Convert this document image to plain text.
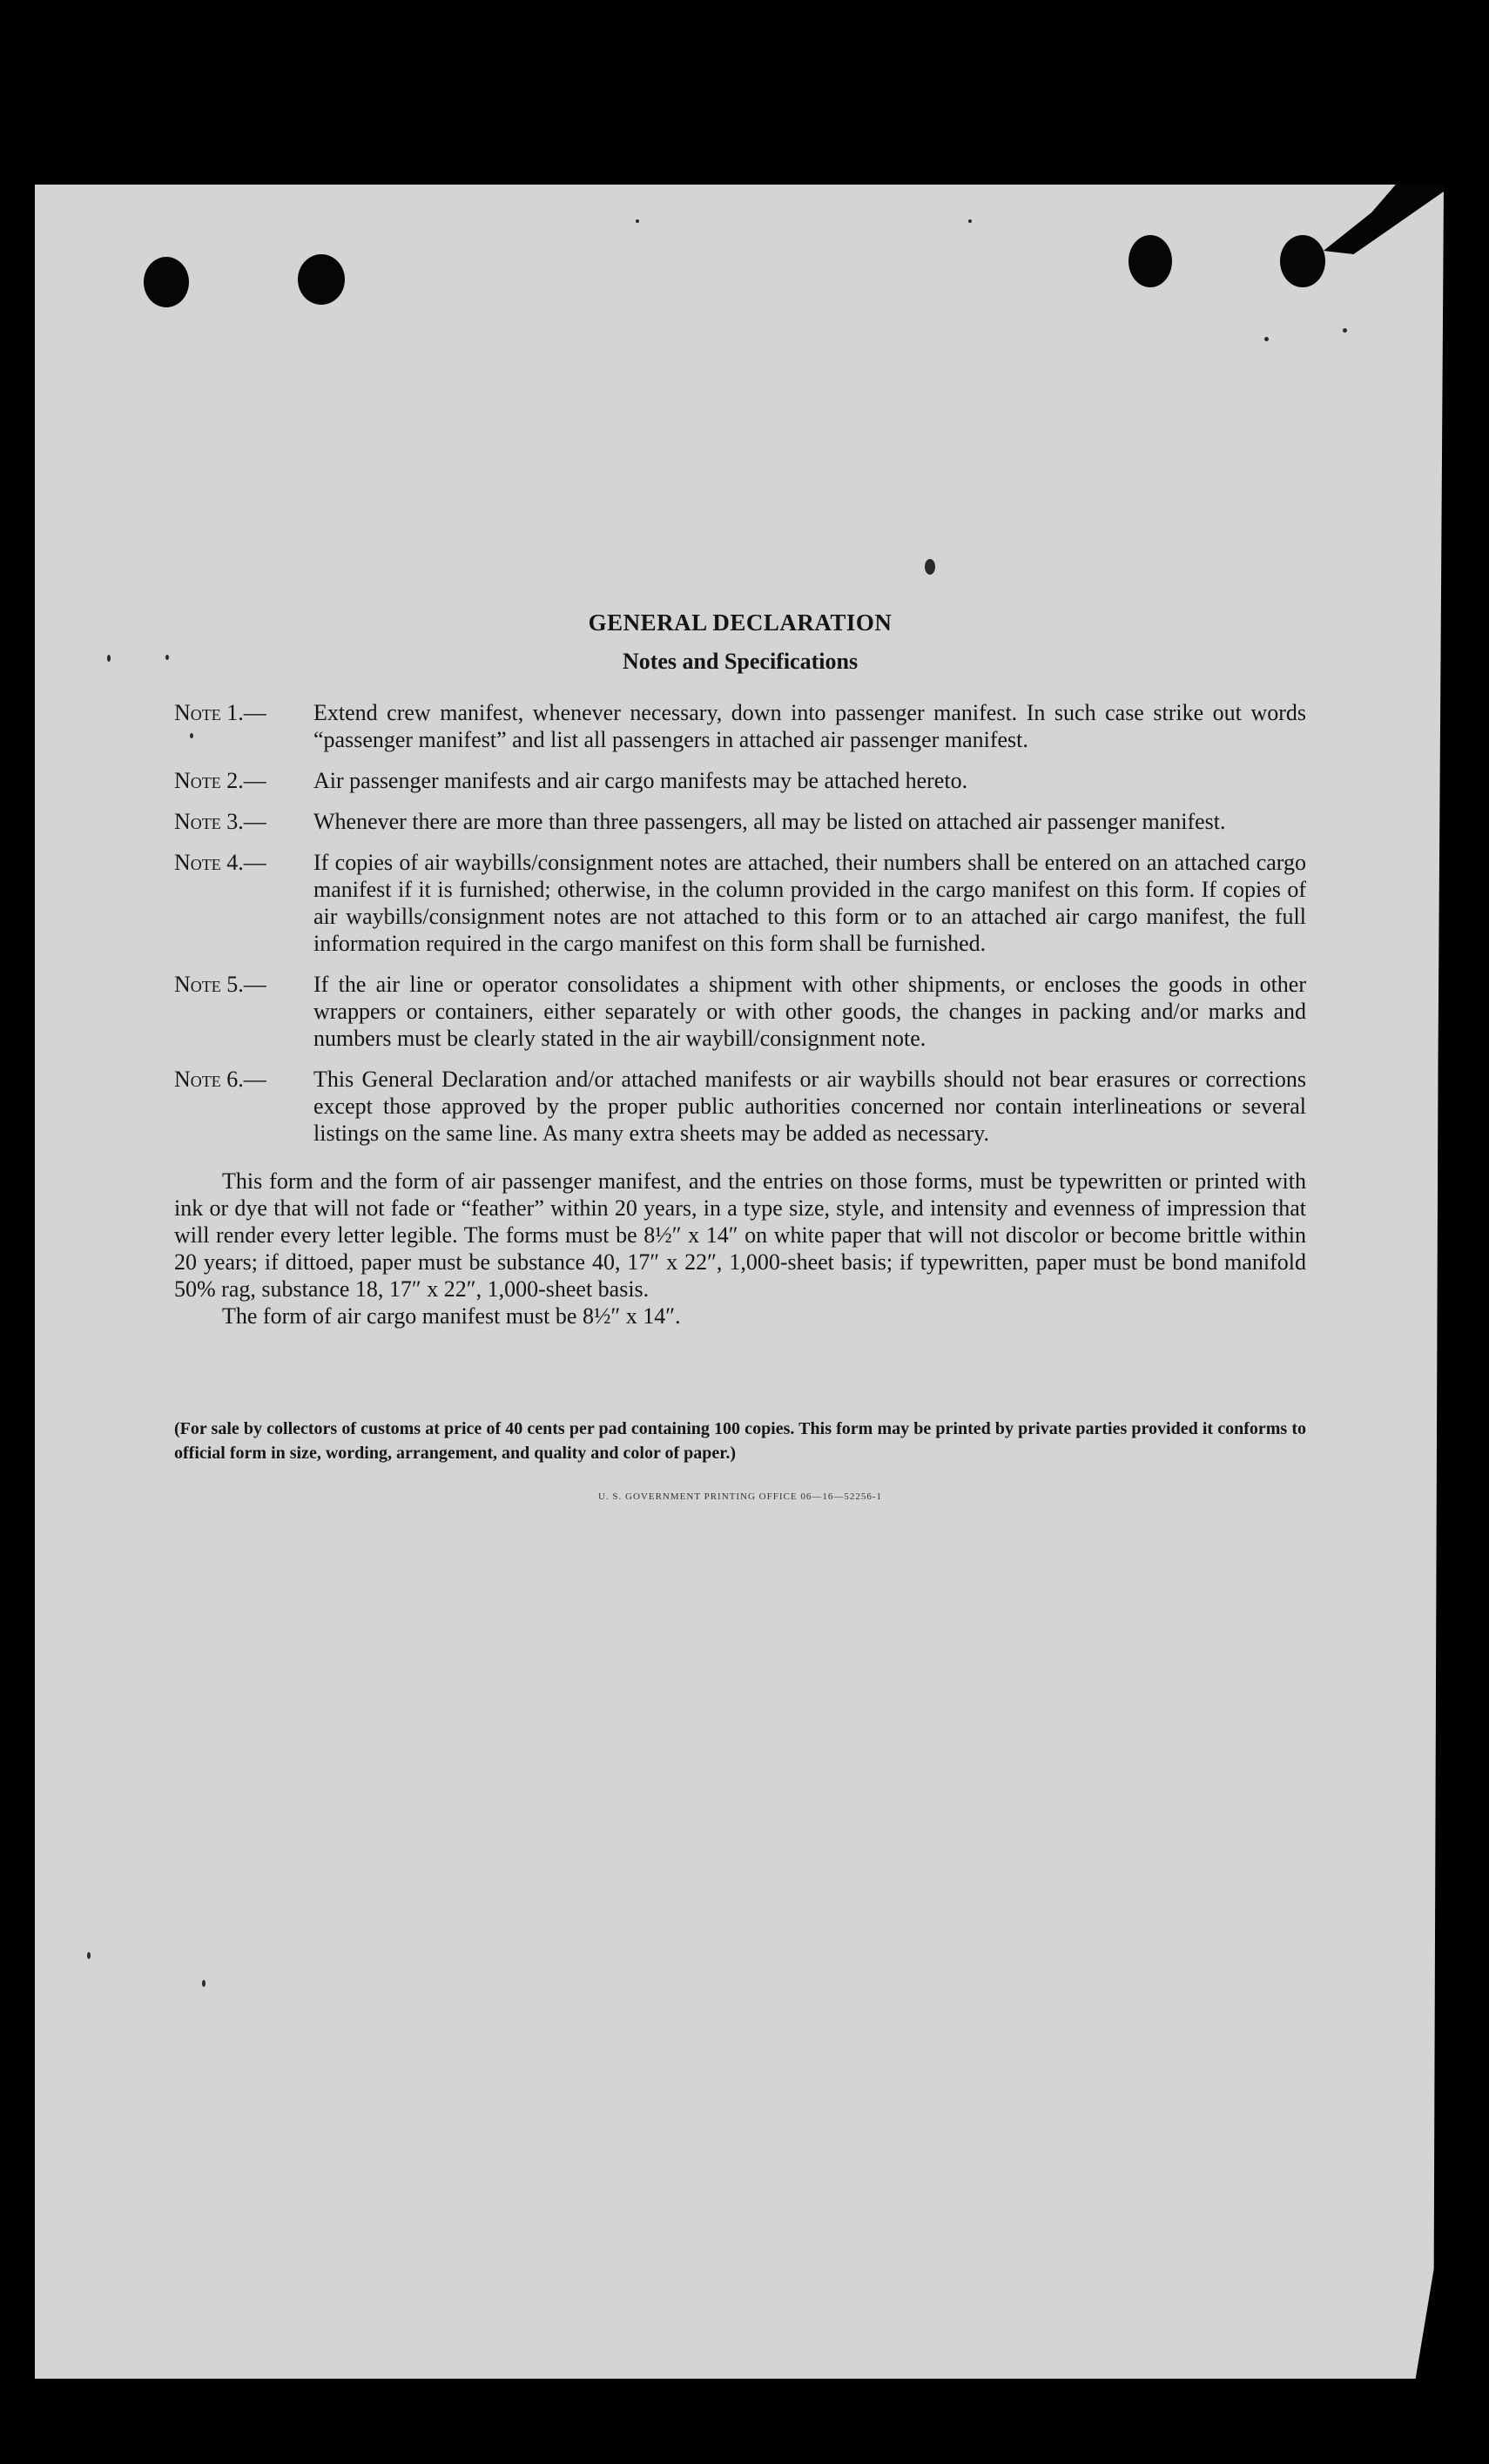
GENERAL DECLARATION
Notes and Specifications
Note 1.—	Extend crew manifest, whenever necessary, down into passenger manifest. In such case strike out words “passenger manifest” and list all passengers in attached air passenger manifest.
Note 2.—	Air passenger manifests and air cargo manifests may be attached hereto.
Note 3.—	Whenever there are more than three passengers, all may be listed on attached air passenger manifest.
Note 4.—	If copies of air waybills/consignment notes are attached, their numbers shall be entered on an attached cargo manifest if it is furnished; otherwise, in the column provided in the cargo manifest on this form. If copies of air waybills/consignment notes are not attached to this form or to an attached air cargo manifest, the full information required in the cargo manifest on this form shall be furnished.
Note 5.—	If the air line or operator consolidates a shipment with other shipments, or encloses the goods in other wrappers or containers, either separately or with other goods, the changes in packing and/or marks and numbers must be clearly stated in the air waybill/consignment note.
Note 6.—	This General Declaration and/or attached manifests or air waybills should not bear erasures or corrections except those approved by the proper public authorities concerned nor contain interlineations or several listings on the same line. As many extra sheets may be added as necessary.

This form and the form of air passenger manifest, and the entries on those forms, must be typewritten or printed with ink or dye that will not fade or “feather” within 20 years, in a type size, style, and intensity and evenness of impression that will render every letter legible. The forms must be 8½″ x 14″ on white paper that will not discolor or become brittle within 20 years; if dittoed, paper must be substance 40, 17″ x 22″, 1,000-sheet basis; if typewritten, paper must be bond manifold 50% rag, substance 18, 17″ x 22″, 1,000-sheet basis.

The form of air cargo manifest must be 8½″ x 14″.

(For sale by collectors of customs at price of 40 cents per pad containing 100 copies. This form may be printed by private parties provided it conforms to official form in size, wording, arrangement, and quality and color of paper.)

U. S. GOVERNMENT PRINTING OFFICE 06—16—52256-1
